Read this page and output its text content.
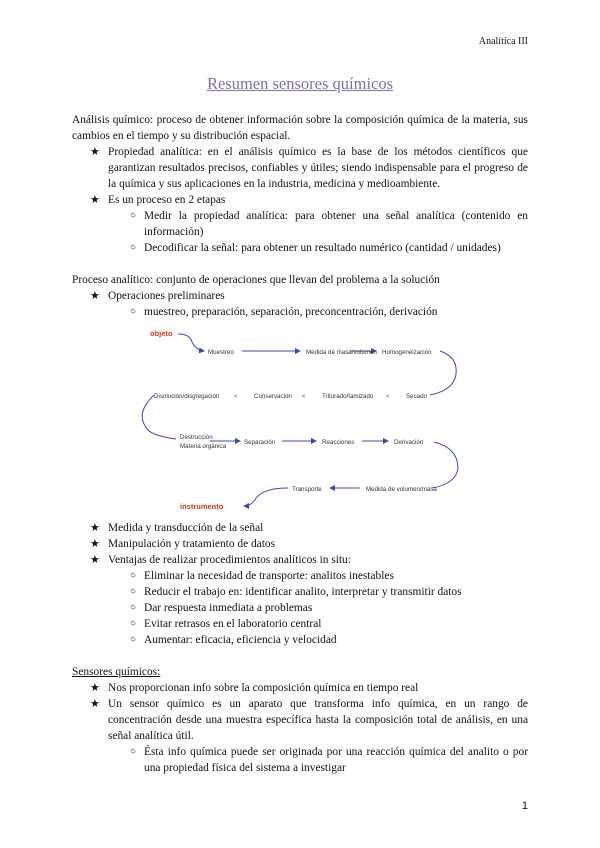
Analítica III
Resumen sensores químicos
Análisis químico: proceso de obtener información sobre la composición química de la materia, sus cambios en el tiempo y su distribución espacial.
★ Propiedad analítica: en el análisis químico es la base de los métodos científicos que garantizan resultados precisos, confiables y útiles; siendo indispensable para el progreso de la química y sus aplicaciones en la industria, medicina y medioambiente.
★ Es un proceso en 2 etapas
○ Medir la propiedad analítica: para obtener una señal analítica (contenido en información)
○ Decodificar la señal: para obtener un resultado numérico (cantidad / unidades)
Proceso analítico: conjunto de operaciones que llevan del problema a la solución
★ Operaciones preliminares
○ muestreo, preparación, separación, preconcentración, derivación
objeto
Muestreo	Medida de masa/volumen Homogeneización
Disolución/disgregación <	Conservación <	Triturado/tamizado <	Secado
Destrucción
Materia orgánica
Separación	Reacciones	Derivación
Transporte	Medida de volumen/masa
instrumento
★ Medida y transducción de la señal
★ Manipulación y tratamiento de datos
★ Ventajas de realizar procedimientos analíticos in situ:
○ Eliminar la necesidad de transporte: analitos inestables
○ Reducir el trabajo en: identificar analito, interpretar y transmitir datos
○ Dar respuesta inmediata a problemas
○ Evitar retrasos en el laboratorio central
○ Aumentar: eficacia, eficiencia y velocidad
Sensores químicos:
★ Nos proporcionan info sobre la composición química en tiempo real
★ Un sensor químico es un aparato que transforma info química, en un rango de concentración desde una muestra específica hasta la composición total de análisis, en una señal analítica útil.
○ Ésta info química puede ser originada por una reacción química del analito o por una propiedad física del sistema a investigar
1
